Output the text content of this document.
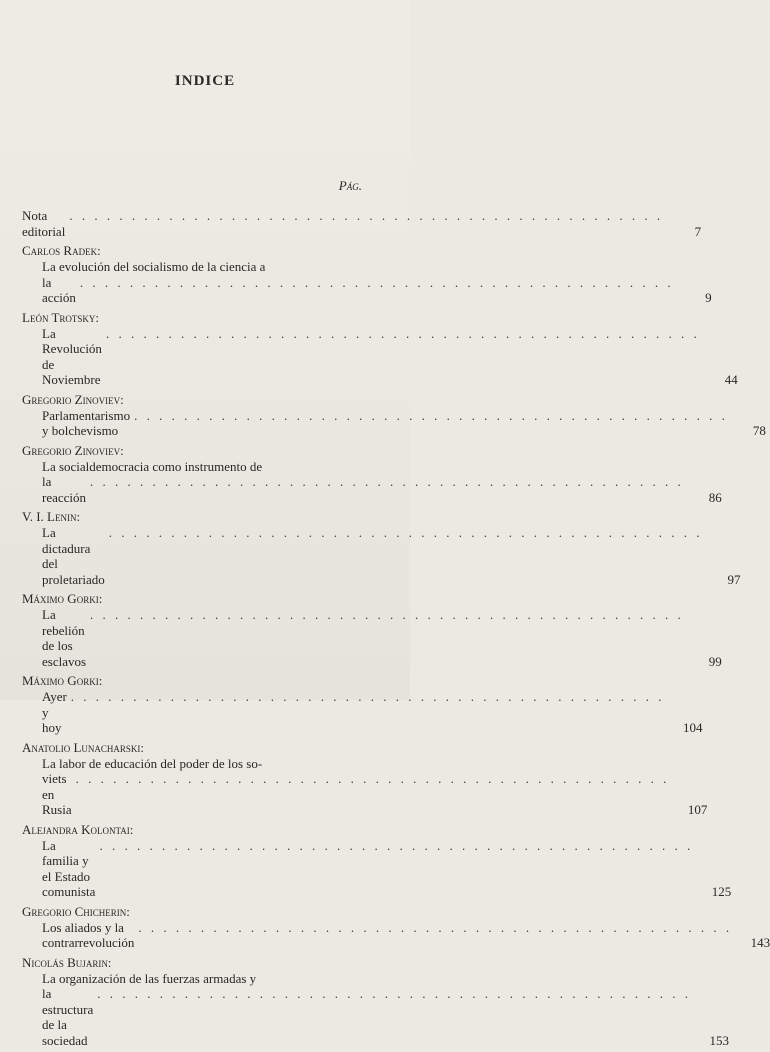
INDICE
Pág.
Nota editorial
. . .	7
Carlos Radek:
La evolución del socialismo de la ciencia a
la acción
. . .	9
León Trotsky:
La Revolución de Noviembre
. . .	44
Gregorio Zinoviev:
Parlamentarismo y bolchevismo
. . .	78
Gregorio Zinoviev:
La socialdemocracia como instrumento de
la reacción
. . .	86
V. I. Lenin:
La dictadura del proletariado
. . .	97
Máximo Gorki:
La rebelión de los esclavos
. . .	99
Máximo Gorki:
Ayer y hoy
. . .	104
Anatolio Lunacharski:
La labor de educación del poder de los so-
viets en Rusia
. . .	107
Alejandra Kolontai:
La familia y el Estado comunista
. . .	125
Gregorio Chicherin:
Los aliados y la contrarrevolución
. . .	143
Nicolás Bujarin:
La organización de las fuerzas armadas y
la estructura de la sociedad
. . .	153
